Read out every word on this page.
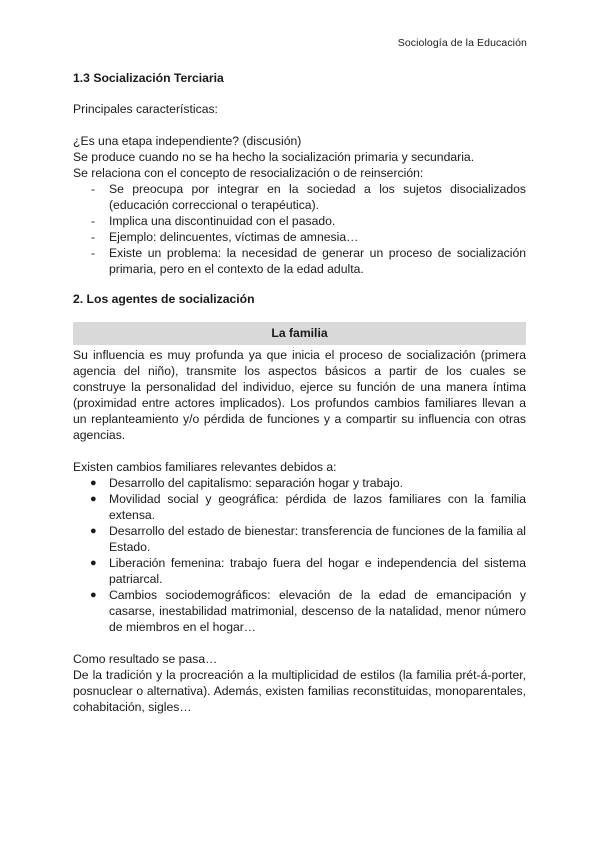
Sociología de la Educación

1.3 Socialización Terciaria

Principales características:

¿Es una etapa independiente? (discusión)

Se produce cuando no se ha hecho la socialización primaria y secundaria.

Se relaciona con el concepto de resocialización o de reinserción:

- Se preocupa por integrar en la sociedad a los sujetos disocializados (educación correccional o terapéutica).
- Implica una discontinuidad con el pasado.
- Ejemplo: delincuentes, víctimas de amnesia…
- Existe un problema: la necesidad de generar un proceso de socialización primaria, pero en el contexto de la edad adulta.

2. Los agentes de socialización

La familia

Su influencia es muy profunda ya que inicia el proceso de socialización (primera agencia del niño), transmite los aspectos básicos a partir de los cuales se construye la personalidad del individuo, ejerce su función de una manera íntima (proximidad entre actores implicados). Los profundos cambios familiares llevan a un replanteamiento y/o pérdida de funciones y a compartir su influencia con otras agencias.

Existen cambios familiares relevantes debidos a:

● Desarrollo del capitalismo: separación hogar y trabajo.
● Movilidad social y geográfica: pérdida de lazos familiares con la familia extensa.
● Desarrollo del estado de bienestar: transferencia de funciones de la familia al Estado.
● Liberación femenina: trabajo fuera del hogar e independencia del sistema patriarcal.
● Cambios sociodemográficos: elevación de la edad de emancipación y casarse, inestabilidad matrimonial, descenso de la natalidad, menor número de miembros en el hogar…

Como resultado se pasa…

De la tradición y la procreación a la multiplicidad de estilos (la familia prét-á-porter, posnuclear o alternativa). Además, existen familias reconstituidas, monoparentales, cohabitación, sigles…
